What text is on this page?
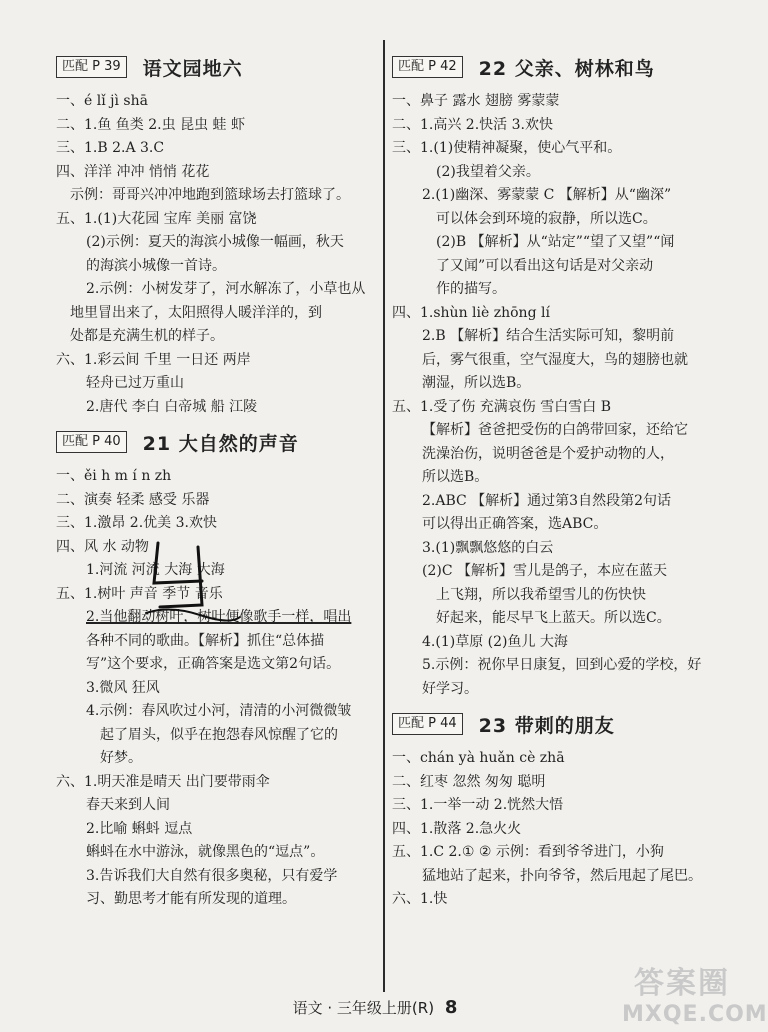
匹配 P 39	语文园地六
一、é lǐ jì shā
二、1.鱼 鱼类 2.虫 昆虫 蛙 虾
三、1.B 2.A 3.C
四、洋洋 冲冲 悄悄 花花
示例：哥哥兴冲冲地跑到篮球场去打篮球了。
五、1.(1)大花园 宝库 美丽 富饶
(2)示例：夏天的海滨小城像一幅画，秋天
的海滨小城像一首诗。
2.示例：小树发芽了，河水解冻了，小草也从
地里冒出来了，太阳照得人暖洋洋的，到
处都是充满生机的样子。
六、1.彩云间 千里 一日还 两岸
轻舟已过万重山
2.唐代 李白 白帝城 船 江陵
匹配 P 40	21 大自然的声音
一、ěi h m í n zh
二、演奏 轻柔 感受 乐器
三、1.激昂 2.优美 3.欢快
四、风 水 动物
1.河流 河流 大海 大海
五、1.树叶 声音 季节 音乐
2.当他翻动树叶，树叶便像歌手一样，唱出
各种不同的歌曲。【解析】抓住“总体描
写”这个要求，正确答案是选文第2句话。
3.微风 狂风
4.示例：春风吹过小河，清清的小河微微皱
起了眉头，似乎在抱怨春风惊醒了它的
好梦。
六、1.明天准是晴天 出门要带雨伞
春天来到人间
2.比喻 蝌蚪 逗点
蝌蚪在水中游泳，就像黑色的“逗点”。
3.告诉我们大自然有很多奥秘，只有爱学
习、勤思考才能有所发现的道理。
匹配 P 42	22 父亲、树林和鸟
一、鼻子 露水 翅膀 雾蒙蒙
二、1.高兴 2.快活 3.欢快
三、1.(1)使精神凝聚，使心气平和。
(2)我望着父亲。
2.(1)幽深、雾蒙蒙 C 【解析】从“幽深”
可以体会到环境的寂静，所以选C。
(2)B 【解析】从“站定”“望了又望”“闻
了又闻”可以看出这句话是对父亲动
作的描写。
四、1.shùn liè zhōng lí
2.B 【解析】结合生活实际可知，黎明前
后，雾气很重，空气湿度大，鸟的翅膀也就
潮湿，所以选B。
五、1.受了伤 充满哀伤 雪白雪白 B
【解析】爸爸把受伤的白鸽带回家，还给它
洗澡治伤，说明爸爸是个爱护动物的人，
所以选B。
2.ABC 【解析】通过第3自然段第2句话
可以得出正确答案，选ABC。
3.(1)飘飘悠悠的白云
(2)C 【解析】雪儿是鸽子，本应在蓝天
上飞翔，所以我希望雪儿的伤快快
好起来，能尽早飞上蓝天。所以选C。
4.(1)草原 (2)鱼儿 大海
5.示例：祝你早日康复，回到心爱的学校，好
好学习。
匹配 P 44	23 带刺的朋友
一、chán yà huǎn cè zhā
二、红枣 忽然 匆匆 聪明
三、1.一举一动 2.恍然大悟
四、1.散落 2.急火火
五、1.C 2.① ② 示例：看到爷爷进门，小狗
猛地站了起来，扑向爷爷，然后甩起了尾巴。
六、1.快
语文 · 三年级上册(R) 8
答案圈
MXQE.COM
